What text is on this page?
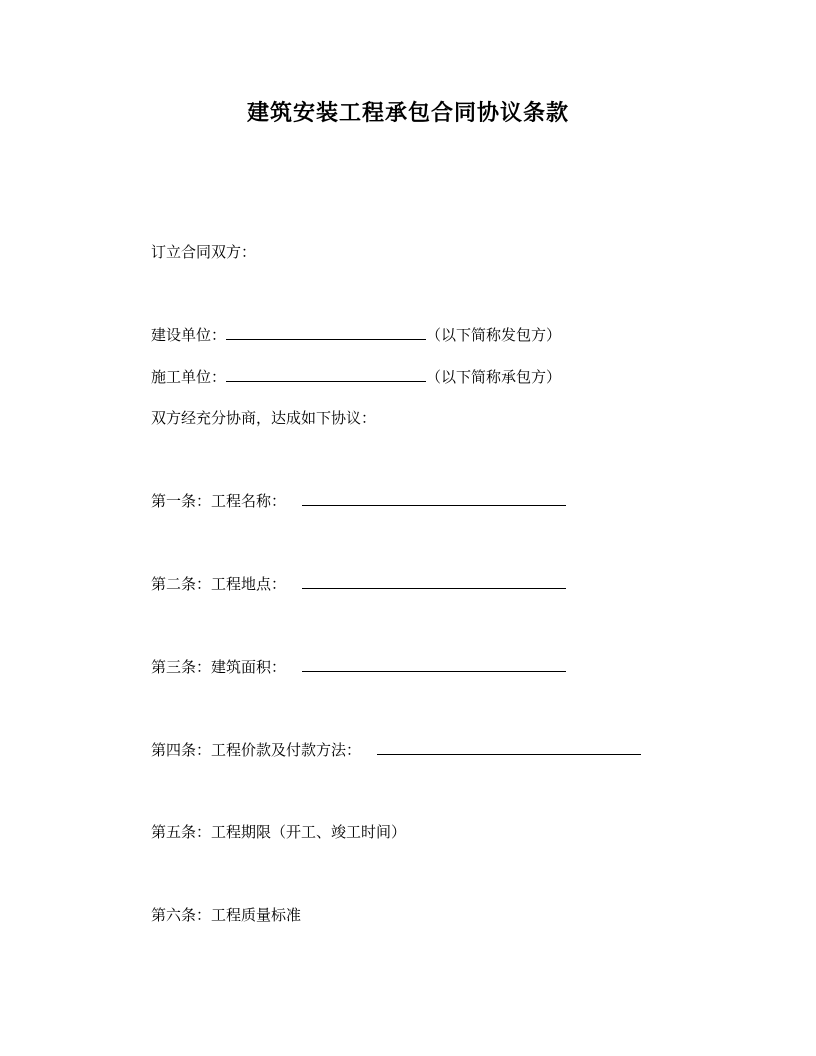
建筑安装工程承包合同协议条款
订立合同双方：
建设单位：	（以下简称发包方）
施工单位：	（以下简称承包方）
双方经充分协商，达成如下协议：
第一条：工程名称：
第二条：工程地点：
第三条：建筑面积：
第四条：工程价款及付款方法：
第五条：工程期限（开工、竣工时间）
第六条：工程质量标准
